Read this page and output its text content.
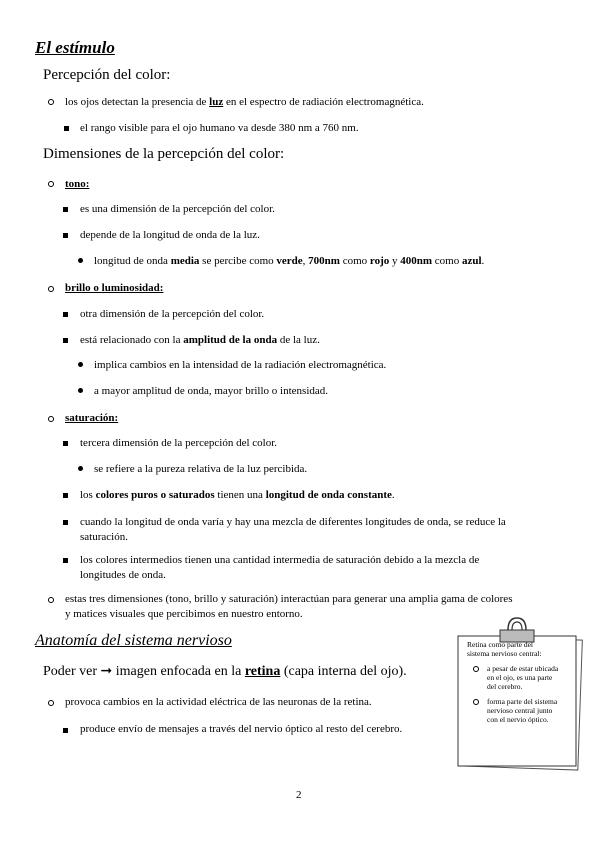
El estímulo
Percepción del color:
los ojos detectan la presencia de luz en el espectro de radiación electromagnética.
el rango visible para el ojo humano va desde 380 nm a 760 nm.
Dimensiones de la percepción del color:
tono:
es una dimensión de la percepción del color.
depende de la longitud de onda de la luz.
longitud de onda media se percibe como verde, 700nm como rojo y 400nm como azul.
brillo o luminosidad:
otra dimensión de la percepción del color.
está relacionado con la amplitud de la onda de la luz.
implica cambios en la intensidad de la radiación electromagnética.
a mayor amplitud de onda, mayor brillo o intensidad.
saturación:
tercera dimensión de la percepción del color.
se refiere a la pureza relativa de la luz percibida.
los colores puros o saturados tienen una longitud de onda constante.
cuando la longitud de onda varía y hay una mezcla de diferentes longitudes de onda, se reduce la
saturación.
los colores intermedios tienen una cantidad intermedia de saturación debido a la mezcla de
longitudes de onda.
estas tres dimensiones (tono, brillo y saturación) interactúan para generar una amplia gama de colores
y matices visuales que percibimos en nuestro entorno.
Anatomía del sistema nervioso
Poder ver ➞ imagen enfocada en la retina (capa interna del ojo).
provoca cambios en la actividad eléctrica de las neuronas de la retina.
produce envío de mensajes a través del nervio óptico al resto del cerebro.
Retina como parte del
sistema nervioso central:
a pesar de estar ubicada
en el ojo, es una parte
del cerebro.
forma parte del sistema
nervioso central junto
con el nervio óptico.
2
